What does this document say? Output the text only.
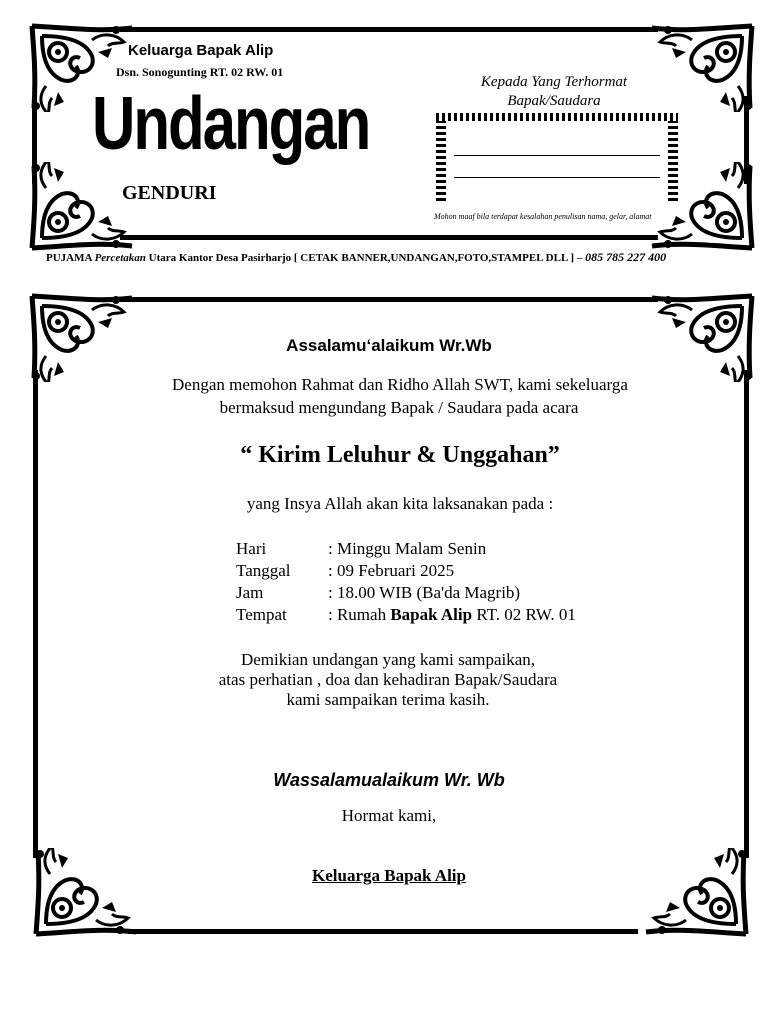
Keluarga Bapak Alip
Dsn. Sonogunting RT. 02 RW. 01
Undangan
GENDURI
Kepada Yang Terhormat
Bapak/Saudara
Mohon maaf bila terdapat kesalahan penulisan nama, gelar, alamat
PUJAMA Percetakan Utara Kantor Desa Pasirharjo [ CETAK BANNER,UNDANGAN,FOTO,STAMPEL DLL ] – 085 785 227 400
Assalamu‘alaikum Wr.Wb
Dengan memohon Rahmat dan Ridho Allah SWT, kami sekeluarga
bermaksud mengundang Bapak / Saudara pada acara
“ Kirim Leluhur & Unggahan”
yang Insya Allah akan kita laksanakan pada :
Hari	: Minggu Malam Senin
Tanggal : 09 Februari 2025
Jam	: 18.00 WIB (Ba'da Magrib)
Tempat : Rumah Bapak Alip RT. 02 RW. 01
Demikian undangan yang kami sampaikan,
atas perhatian , doa dan kehadiran Bapak/Saudara
kami sampaikan terima kasih.
Wassalamualaikum Wr. Wb
Hormat kami,
Keluarga Bapak Alip
